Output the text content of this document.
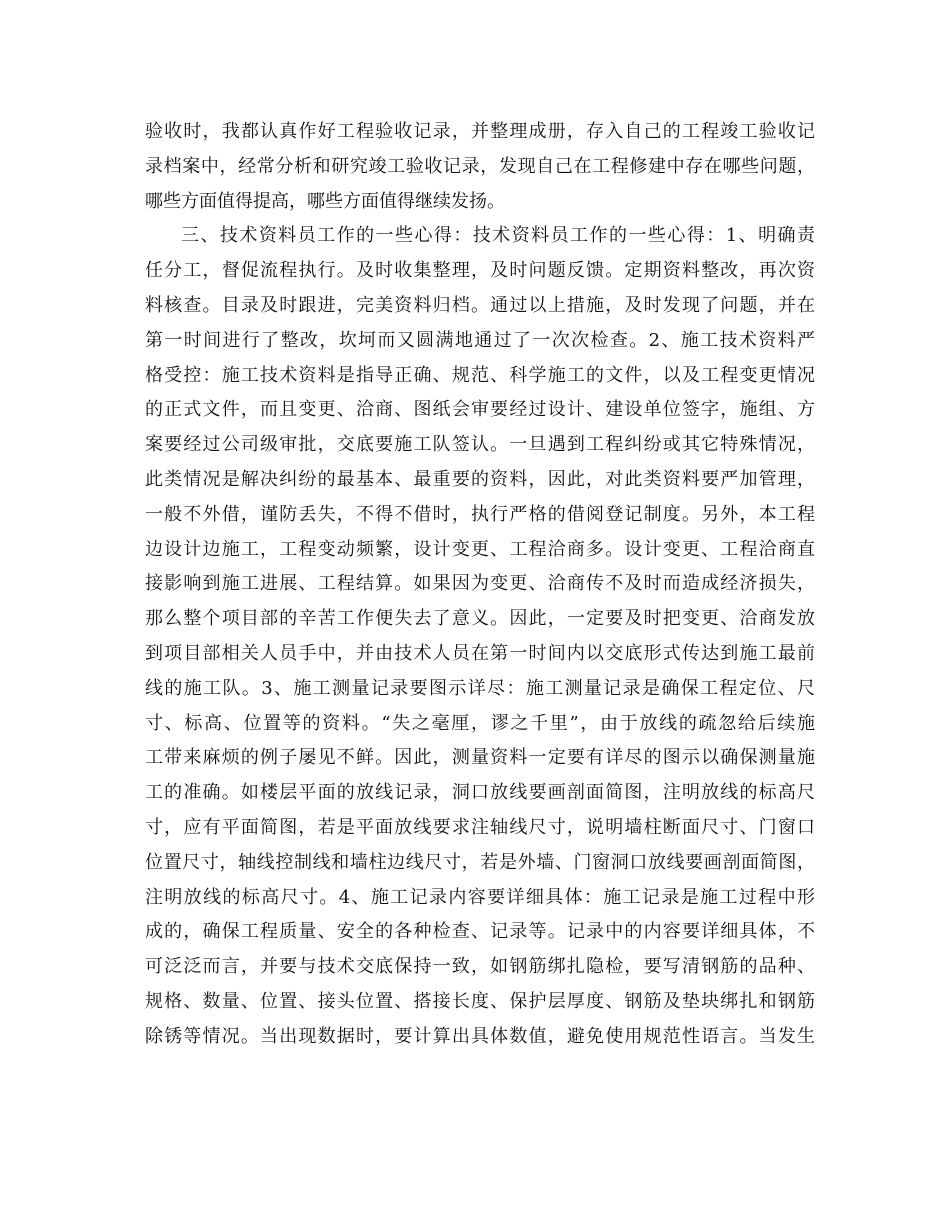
验收时，我都认真作好工程验收记录，并整理成册，存入自己的工程竣工验收记
录档案中，经常分析和研究竣工验收记录，发现自己在工程修建中存在哪些问题，
哪些方面值得提高，哪些方面值得继续发扬。
三、技术资料员工作的一些心得：技术资料员工作的一些心得：1、明确责
任分工，督促流程执行。及时收集整理，及时问题反馈。定期资料整改，再次资
料核查。目录及时跟进，完美资料归档。通过以上措施，及时发现了问题，并在
第一时间进行了整改，坎坷而又圆满地通过了一次次检查。2、施工技术资料严
格受控：施工技术资料是指导正确、规范、科学施工的文件，以及工程变更情况
的正式文件，而且变更、洽商、图纸会审要经过设计、建设单位签字，施组、方
案要经过公司级审批，交底要施工队签认。一旦遇到工程纠纷或其它特殊情况，
此类情况是解决纠纷的最基本、最重要的资料，因此，对此类资料要严加管理，
一般不外借，谨防丢失，不得不借时，执行严格的借阅登记制度。另外，本工程
边设计边施工，工程变动频繁，设计变更、工程洽商多。设计变更、工程洽商直
接影响到施工进展、工程结算。如果因为变更、洽商传不及时而造成经济损失，
那么整个项目部的辛苦工作便失去了意义。因此，一定要及时把变更、洽商发放
到项目部相关人员手中，并由技术人员在第一时间内以交底形式传达到施工最前
线的施工队。3、施工测量记录要图示详尽：施工测量记录是确保工程定位、尺
寸、标高、位置等的资料。“失之毫厘，谬之千里”，由于放线的疏忽给后续施
工带来麻烦的例子屡见不鲜。因此，测量资料一定要有详尽的图示以确保测量施
工的准确。如楼层平面的放线记录，洞口放线要画剖面简图，注明放线的标高尺
寸，应有平面简图，若是平面放线要求注轴线尺寸，说明墙柱断面尺寸、门窗口
位置尺寸，轴线控制线和墙柱边线尺寸，若是外墙、门窗洞口放线要画剖面简图，
注明放线的标高尺寸。4、施工记录内容要详细具体：施工记录是施工过程中形
成的，确保工程质量、安全的各种检查、记录等。记录中的内容要详细具体，不
可泛泛而言，并要与技术交底保持一致，如钢筋绑扎隐检，要写清钢筋的品种、
规格、数量、位置、接头位置、搭接长度、保护层厚度、钢筋及垫块绑扎和钢筋
除锈等情况。当出现数据时，要计算出具体数值，避免使用规范性语言。当发生
